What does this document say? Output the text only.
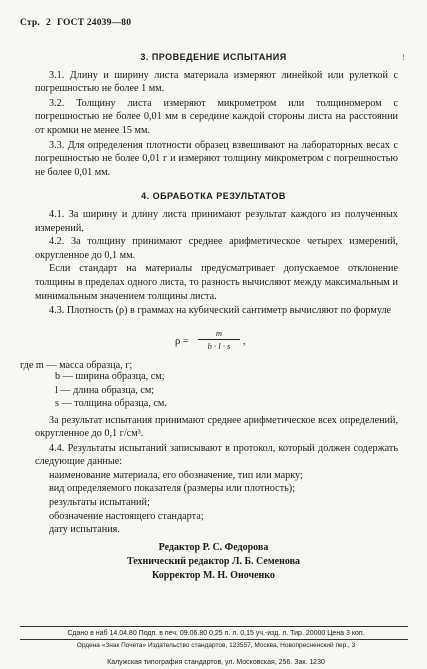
Стр. 2 ГОСТ 24039—80
!
3. ПРОВЕДЕНИЕ ИСПЫТАНИЯ

3.1. Длину и ширину листа материала измеряют линейкой или рулеткой с погрешностью не более 1 мм.

3.2. Толщину листа измеряют микрометром или толщиномером с погрешностью не более 0,01 мм в середине каждой стороны листа на расстоянии от кромки не менее 15 мм.

3.3. Для определения плотности образец взвешивают на лабораторных весах с погрешностью не более 0,01 г и измеряют толщину микрометром с погрешностью не более 0,01 мм.

4. ОБРАБОТКА РЕЗУЛЬТАТОВ

4.1. За ширину и длину листа принимают результат каждого из полученных измерений.

4.2. За толщину принимают среднее арифметическое четырех измерений, округленное до 0,1 мм.

Если стандарт на материалы предусматривает допускаемое отклонение толщины в пределах одного листа, то разность вычисляют между максимальным и минимальным значением толщины листа.

4.3. Плотность (ρ) в граммах на кубический сантиметр вычисляют по формуле

$\rho = \frac{m}{b \cdot l \cdot s}$ ,
где m — масса образца, г;
b — ширина образца, см;
l — длина образца, см;
s — толщина образца, см.

За результат испытания принимают среднее арифметическое всех определений, округленное до 0,1 г/см³.

4.4. Результаты испытаний записывают в протокол, который должен содержать следующие данные:

наименование материала, его обозначение, тип или марку;
вид определяемого показателя (размеры или плотность);
результаты испытаний;
обозначение настоящего стандарта;
дату испытания.
Редактор Р. С. Федорова
Технический редактор Л. Б. Семенова
Корректор М. Н. Оноченко
Сдано в наб 14.04.80 Подп. в печ. 09.06.80 0,25 п. л. 0,15 уч.-изд. л. Тир. 20000 Цена 3 коп.
Ордена «Знак Почета» Издательство стандартов, 123557, Москва, Новопресненский пер., 3
Калужская типография стандартов, ул. Московская, 256. Зак. 1230
